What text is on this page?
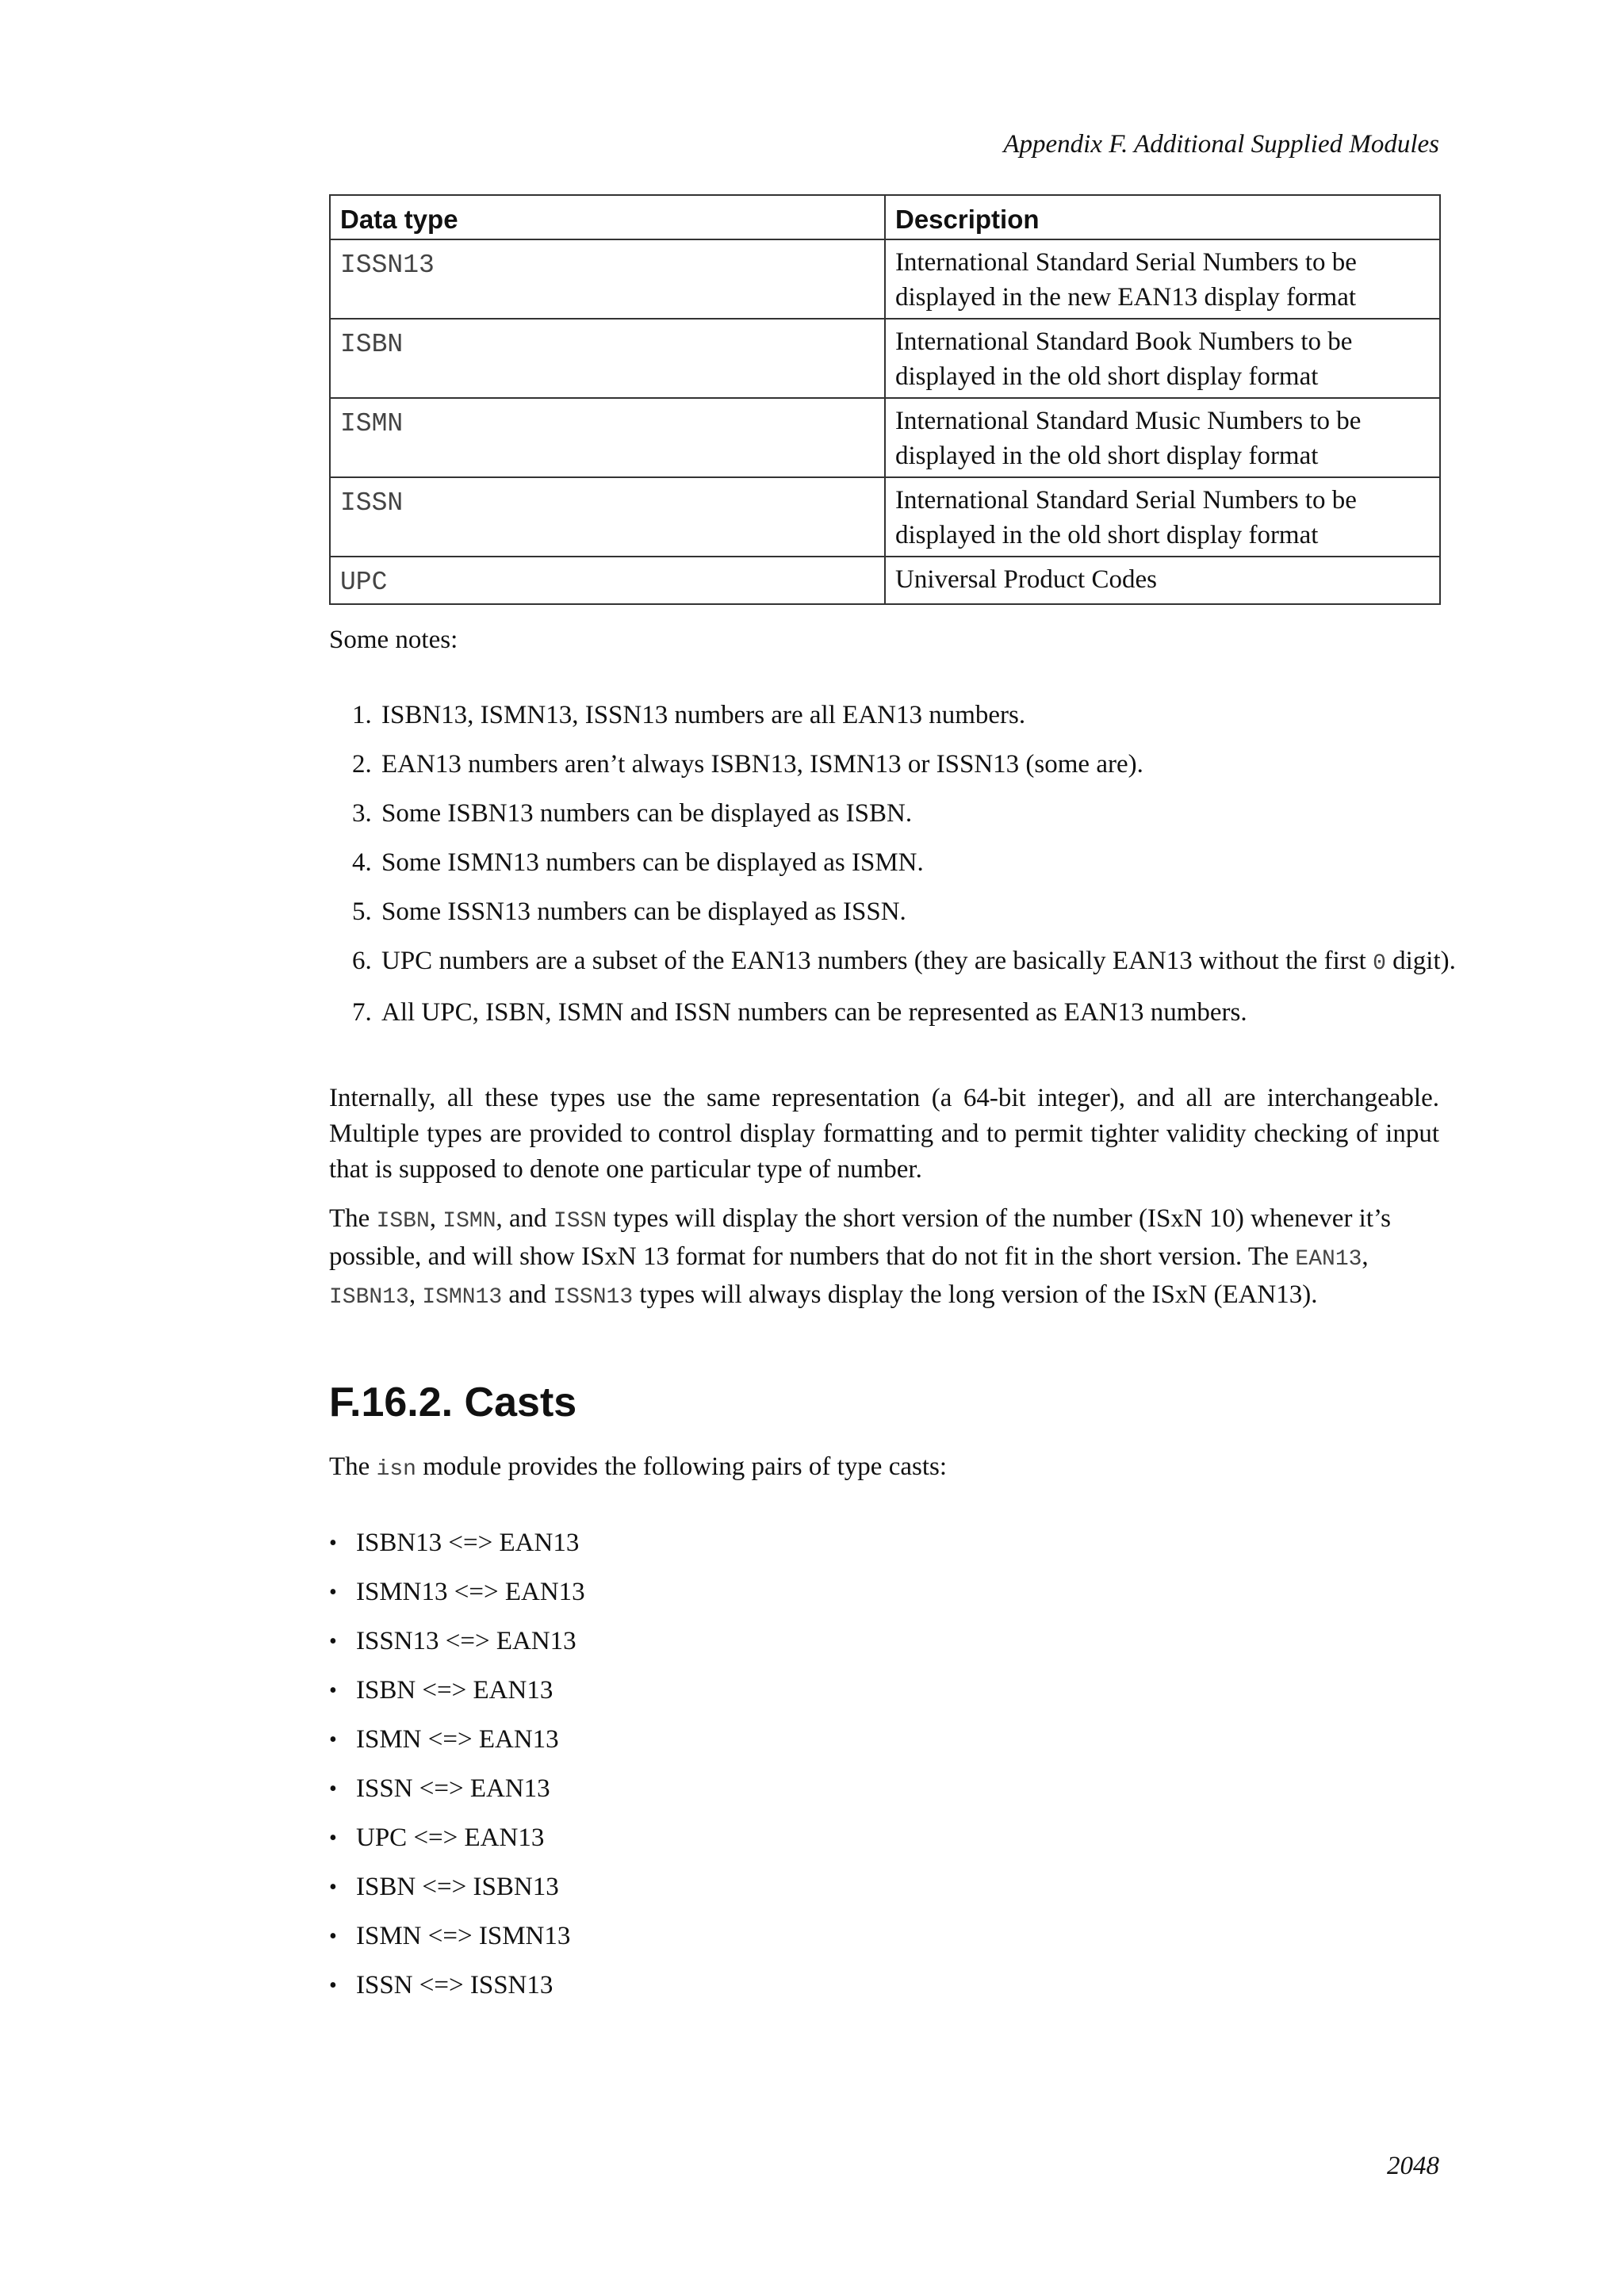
Appendix F. Additional Supplied Modules
Data type	Description
ISSN13	International Standard Serial Numbers to be displayed in the new EAN13 display format
ISBN	International Standard Book Numbers to be displayed in the old short display format
ISMN	International Standard Music Numbers to be displayed in the old short display format
ISSN	International Standard Serial Numbers to be displayed in the old short display format
UPC	Universal Product Codes
Some notes:
1. ISBN13, ISMN13, ISSN13 numbers are all EAN13 numbers.
2. EAN13 numbers aren’t always ISBN13, ISMN13 or ISSN13 (some are).
3. Some ISBN13 numbers can be displayed as ISBN.
4. Some ISMN13 numbers can be displayed as ISMN.
5. Some ISSN13 numbers can be displayed as ISSN.
6. UPC numbers are a subset of the EAN13 numbers (they are basically EAN13 without the first 0 digit).
7. All UPC, ISBN, ISMN and ISSN numbers can be represented as EAN13 numbers.

Internally, all these types use the same representation (a 64-bit integer), and all are interchangeable. Multiple types are provided to control display formatting and to permit tighter validity checking of input that is supposed to denote one particular type of number.

The ISBN, ISMN, and ISSN types will display the short version of the number (ISxN 10) whenever it’s possible, and will show ISxN 13 format for numbers that do not fit in the short version. The EAN13, ISBN13, ISMN13 and ISSN13 types will always display the long version of the ISxN (EAN13).

F.16.2. Casts

The isn module provides the following pairs of type casts:

• ISBN13 <=> EAN13
• ISMN13 <=> EAN13
• ISSN13 <=> EAN13
• ISBN <=> EAN13
• ISMN <=> EAN13
• ISSN <=> EAN13
• UPC <=> EAN13
• ISBN <=> ISBN13
• ISMN <=> ISMN13
• ISSN <=> ISSN13
2048
